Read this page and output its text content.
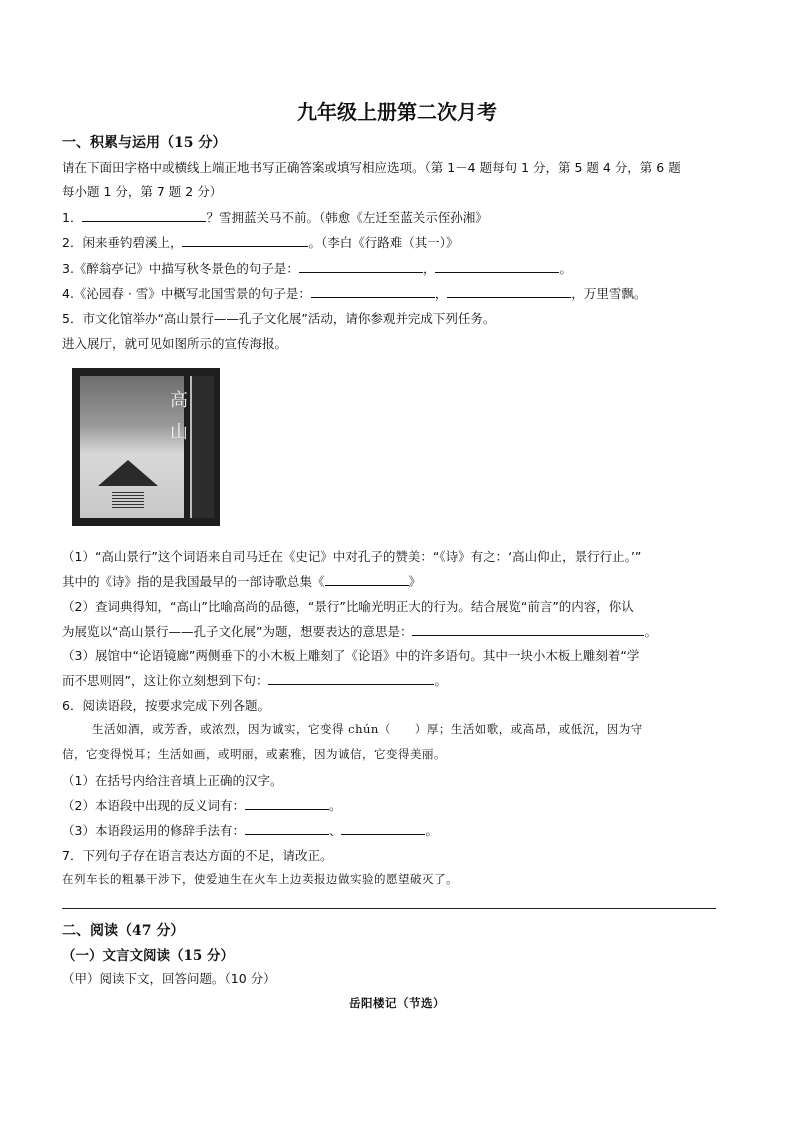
九年级上册第二次月考
一、积累与运用（15 分）
请在下面田字格中或横线上端正地书写正确答案或填写相应选项。（第 1－4 题每句 1 分，第 5 题 4 分，第 6 题
每小题 1 分，第 7 题 2 分）
1．	？雪拥蓝关马不前。（韩愈《左迁至蓝关示侄孙湘》
2．闲来垂钓碧溪上，	。（李白《行路难（其一）》
3.《醉翁亭记》中描写秋冬景色的句子是：	，	。
4.《沁园春 · 雪》中概写北国雪景的句子是：	，	，万里雪飘。
5．市文化馆举办“高山景行——孔子文化展”活动，请你参观并完成下列任务。
进入展厅，就可见如图所示的宣传海报。
高
山
（1）“高山景行”这个词语来自司马迁在《史记》中对孔子的赞美：“《诗》有之：‘高山仰止，景行行止。’”
其中的《诗》指的是我国最早的一部诗歌总集《	》
（2）查词典得知，“高山”比喻高尚的品德，“景行”比喻光明正大的行为。结合展览“前言”的内容，你认
为展览以“高山景行——孔子文化展”为题，想要表达的意思是：	。
（3）展馆中“论语镜廊”两侧垂下的小木板上雕刻了《论语》中的许多语句。其中一块小木板上雕刻着“学
而不思则罔”，这让你立刻想到下句：	。
6．阅读语段，按要求完成下列各题。
生活如酒，或芳香，或浓烈，因为诚实，它变得 chún（　　）厚；生活如歌，或高昂，或低沉，因为守
信，它变得悦耳；生活如画，或明丽，或素雅，因为诚信，它变得美丽。
（1）在括号内给注音填上正确的汉字。
（2）本语段中出现的反义词有：	。
（3）本语段运用的修辞手法有：	、	。
7．下列句子存在语言表达方面的不足，请改正。
在列车长的粗暴干涉下，使爱迪生在火车上边卖报边做实验的愿望破灭了。
二、阅读（47 分）
（一）文言文阅读（15 分）
（甲）阅读下文，回答问题。（10 分）
岳阳楼记（节选）
